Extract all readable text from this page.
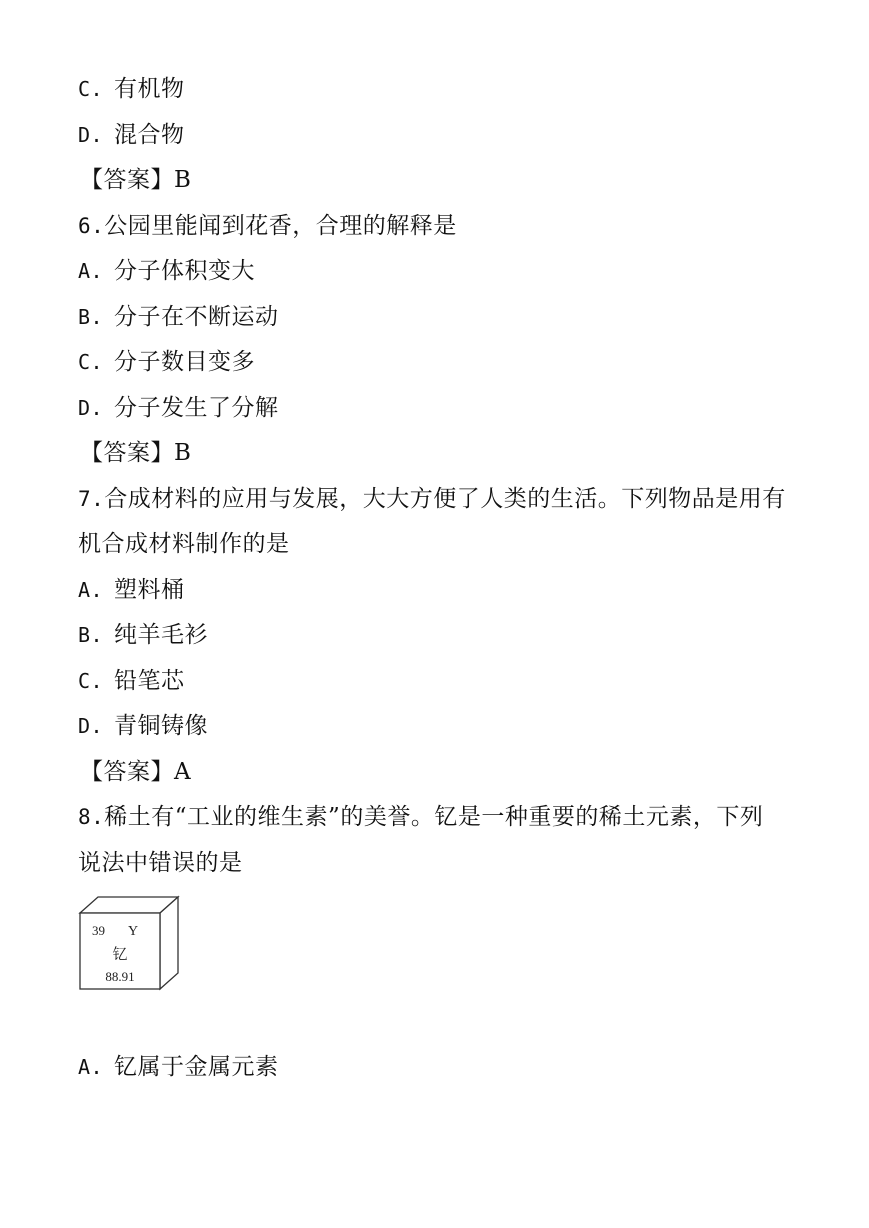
C. 有机物
D. 混合物
【答案】B
6.公园里能闻到花香，合理的解释是
A. 分子体积变大
B. 分子在不断运动
C. 分子数目变多
D. 分子发生了分解
【答案】B
7.合成材料的应用与发展，大大方便了人类的生活。下列物品是用有
机合成材料制作的是
A. 塑料桶
B. 纯羊毛衫
C. 铅笔芯
D. 青铜铸像
【答案】A
8.稀土有“工业的维生素”的美誉。钇是一种重要的稀土元素，下列
说法中错误的是
39 Y
钇
88.91
A. 钇属于金属元素
